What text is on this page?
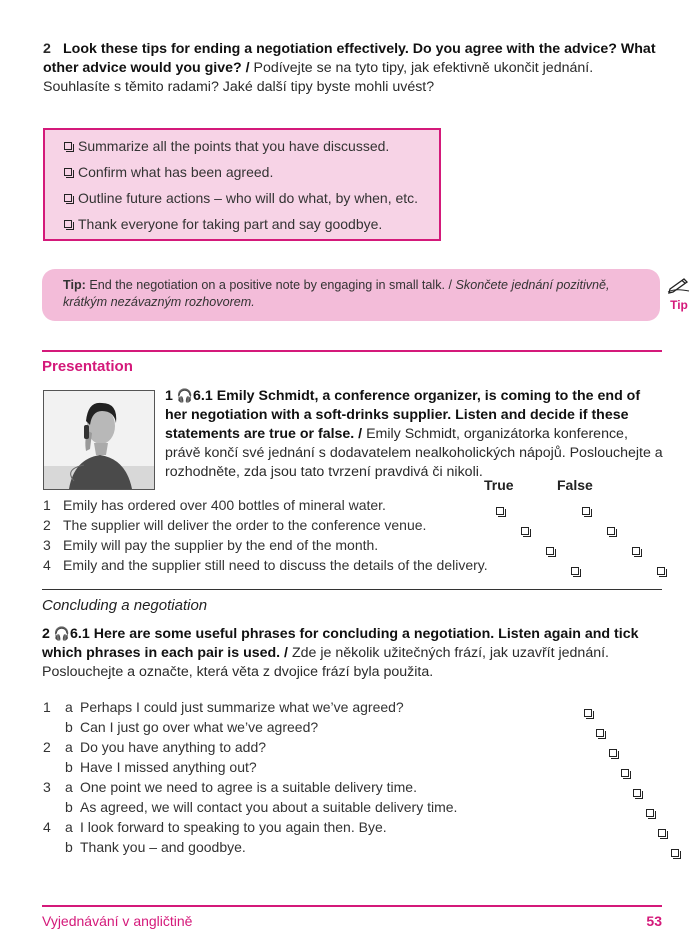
2 Look these tips for ending a negotiation effectively. Do you agree with the advice? What other advice would you give? / Podívejte se na tyto tipy, jak efektivně ukončit jednání. Souhlasíte s těmito radami? Jaké další tipy byste mohli uvést?
Summarize all the points that you have discussed.
Confirm what has been agreed.
Outline future actions – who will do what, by when, etc.
Thank everyone for taking part and say goodbye.
Tip: End the negotiation on a positive note by engaging in small talk. / Skončete jednání pozitivně, krátkým nezávazným rozhovorem.	Tip
Presentation
1 🎧6.1 Emily Schmidt, a conference organizer, is coming to the end of her negotiation with a soft-drinks supplier. Listen and decide if these statements are true or false. / Emily Schmidt, organizátorka konference, právě končí své jednání s dodavatelem nealkoholických nápojů. Poslouchejte a rozhodněte, zda jsou tato tvrzení pravdivá či nikoli.
True	False
1 Emily has ordered over 400 bottles of mineral water.
2 The supplier will deliver the order to the conference venue.
3 Emily will pay the supplier by the end of the month.
4 Emily and the supplier still need to discuss the details of the delivery.

Concluding a negotiation
2 🎧6.1 Here are some useful phrases for concluding a negotiation. Listen again and tick which phrases in each pair is used. / Zde je několik užitečných frází, jak uzavřít jednání. Poslouchejte a označte, která věta z dvojice frází byla použita.
1 a Perhaps I could just summarize what we’ve agreed?
b Can I just go over what we’ve agreed?
2 a Do you have anything to add?
b Have I missed anything out?
3 a One point we need to agree is a suitable delivery time.
b As agreed, we will contact you about a suitable delivery time.
4 a I look forward to speaking to you again then. Bye.
b Thank you – and goodbye.

Vyjednávání v angličtině	53
